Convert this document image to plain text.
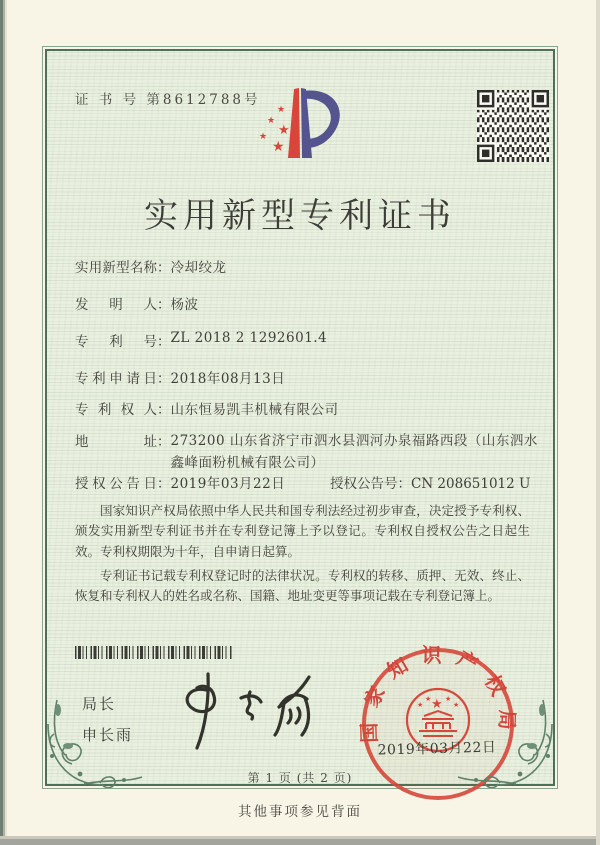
证 书 号 第8612788号
★
★
★
★
★
实用新型专利证书
实用新型名称：冷却绞龙
发明人：杨波
专利号：ZL 2018 2 1292601.4
专利申请日：2018年08月13日
专利权人：山东恒易凯丰机械有限公司
地址：273200 山东省济宁市泗水县泗河办泉福路西段（山东泗水鑫峰面粉机械有限公司）
授权公告日：2019年03月22日	授权公告号：CN 208651012 U

国家知识产权局依照中华人民共和国专利法经过初步审查，决定授予专利权、颁发实用新型专利证书并在专利登记簿上予以登记。专利权自授权公告之日起生效。专利权期限为十年，自申请日起算。

专利证书记载专利权登记时的法律状况。专利权的转移、质押、无效、终止、恢复和专利权人的姓名或名称、国籍、地址变更等事项记载在专利登记簿上。

局长
申长雨	国家知识产权局
★
★
★ ★
★
2019年03月22日
第 1 页 (共 2 页)
其他事项参见背面
